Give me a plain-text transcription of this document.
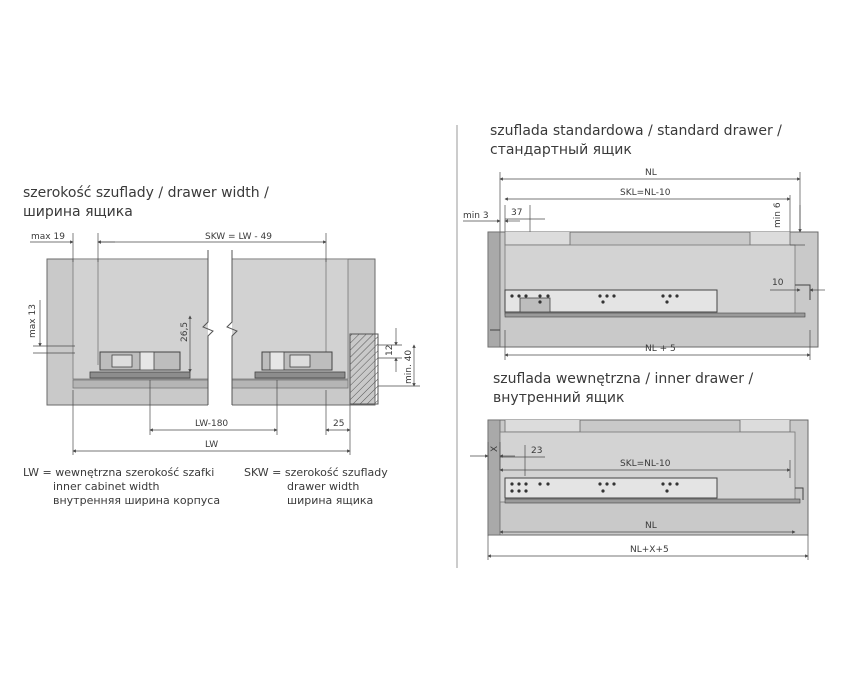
szerokość szuflady / drawer width /
ширина ящика
max 19	SKW = LW - 49
max 13	26,5
12 min. 40
LW-180	25
LW
LW = wewnętrzna szerokość szafki
inner cabinet width
внутренняя ширина корпуса
SKW = szerokość szuflady
drawer width
ширина ящика
szuflada standardowa / standard drawer /
стандартный ящик
NL
SKL=NL-10
min 3 37	min 6
10
NL + 5
szuflada wewnętrzna / inner drawer /
внутренний ящик
X	23
SKL=NL-10
NL
NL+X+5
